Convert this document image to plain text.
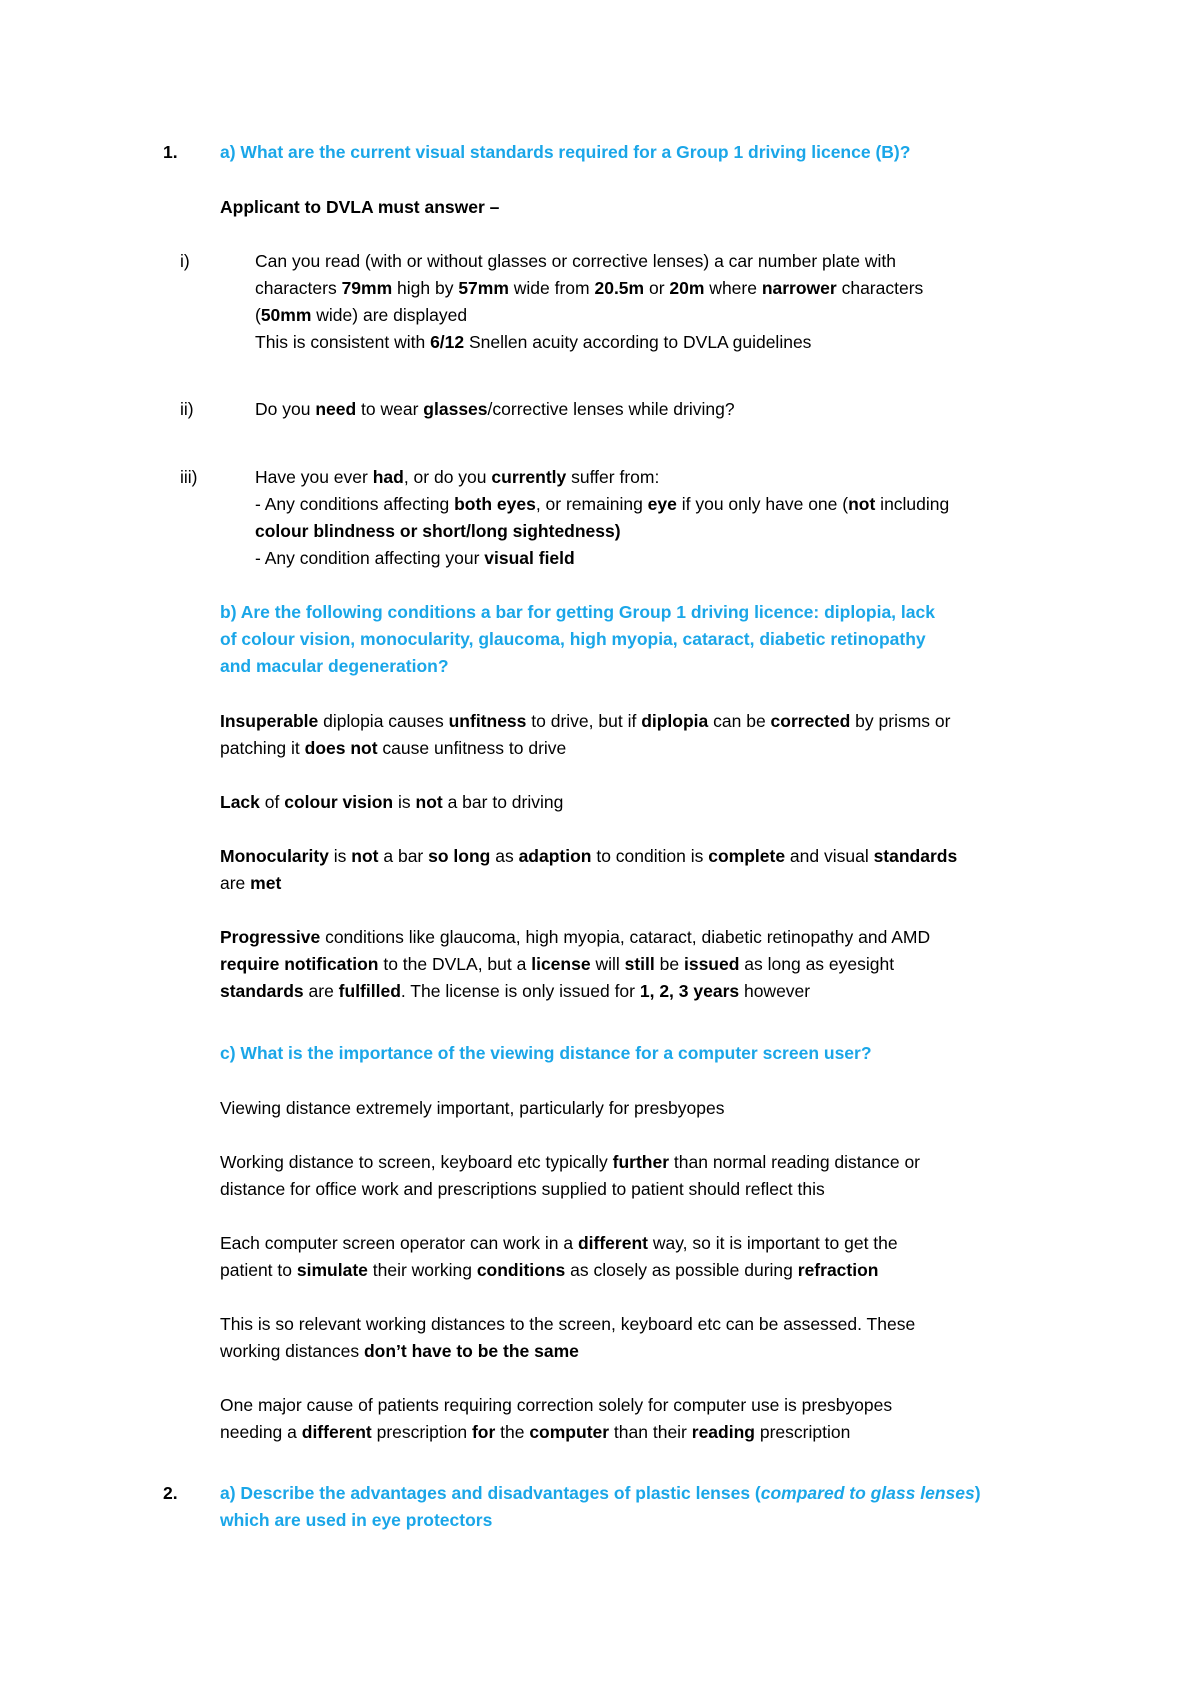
1. a) What are the current visual standards required for a Group 1 driving licence (B)?
Applicant to DVLA must answer –
i)	Can you read (with or without glasses or corrective lenses) a car number plate with
characters 79mm high by 57mm wide from 20.5m or 20m where narrower characters
(50mm wide) are displayed
This is consistent with 6/12 Snellen acuity according to DVLA guidelines
ii)	Do you need to wear glasses/corrective lenses while driving?
iii)	Have you ever had, or do you currently suffer from:
- Any conditions affecting both eyes, or remaining eye if you only have one (not including
colour blindness or short/long sightedness)
- Any condition affecting your visual field
b) Are the following conditions a bar for getting Group 1 driving licence: diplopia, lack
of colour vision, monocularity, glaucoma, high myopia, cataract, diabetic retinopathy
and macular degeneration?
Insuperable diplopia causes unfitness to drive, but if diplopia can be corrected by prisms or
patching it does not cause unfitness to drive
Lack of colour vision is not a bar to driving
Monocularity is not a bar so long as adaption to condition is complete and visual standards
are met
Progressive conditions like glaucoma, high myopia, cataract, diabetic retinopathy and AMD
require notification to the DVLA, but a license will still be issued as long as eyesight
standards are fulfilled. The license is only issued for 1, 2, 3 years however
c) What is the importance of the viewing distance for a computer screen user?
Viewing distance extremely important, particularly for presbyopes
Working distance to screen, keyboard etc typically further than normal reading distance or
distance for office work and prescriptions supplied to patient should reflect this
Each computer screen operator can work in a different way, so it is important to get the
patient to simulate their working conditions as closely as possible during refraction
This is so relevant working distances to the screen, keyboard etc can be assessed. These
working distances don’t have to be the same
One major cause of patients requiring correction solely for computer use is presbyopes
needing a different prescription for the computer than their reading prescription
2. a) Describe the advantages and disadvantages of plastic lenses (compared to glass lenses)
which are used in eye protectors
